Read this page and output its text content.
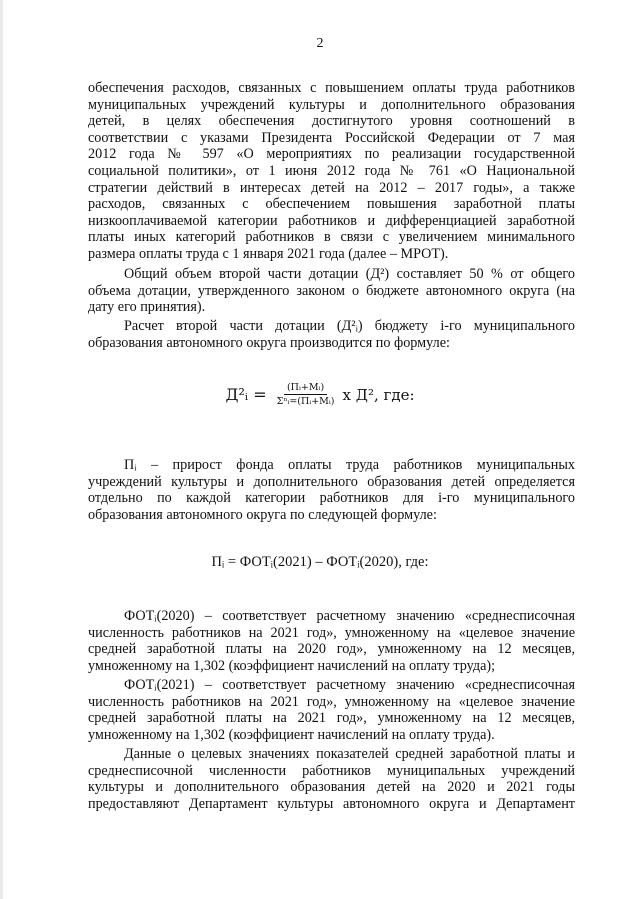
2
обеспечения расходов, связанных с повышением оплаты труда работников
муниципальных учреждений культуры и дополнительного образования
детей, в целях обеспечения достигнутого уровня соотношений в
соответствии с указами Президента Российской Федерации от 7 мая
2012 года № 597 «О мероприятиях по реализации государственной
социальной политики», от 1 июня 2012 года № 761 «О Национальной
стратегии действий в интересах детей на 2012 – 2017 годы», а также
расходов, связанных с обеспечением повышения заработной платы
низкооплачиваемой категории работников и дифференциацией заработной
платы иных категорий работников в связи с увеличением минимального
размера оплаты труда с 1 января 2021 года (далее – МРОТ).
Общий объем второй части дотации (Д²) составляет 50 % от общего
объема дотации, утвержденного законом о бюджете автономного округа (на
дату его принятия).
Расчет второй части дотации (Д²ᵢ) бюджету i-го муниципального
образования автономного округа производится по формуле:
Д²ᵢ = $\frac{\text{(Пᵢ+Мᵢ)}}{\text{Σⁿᵢ=(Пᵢ+Мᵢ)}}$ x Д², где:
Пᵢ – прирост фонда оплаты труда работников муниципальных
учреждений культуры и дополнительного образования детей определяется
отдельно по каждой категории работников для i-го муниципального
образования автономного округа по следующей формуле:
Пᵢ = ФОТᵢ(2021) – ФОТᵢ(2020), где:
ФОТᵢ(2020) – соответствует расчетному значению «среднесписочная
численность работников на 2021 год», умноженному на «целевое значение
средней заработной платы на 2020 год», умноженному на 12 месяцев,
умноженному на 1,302 (коэффициент начислений на оплату труда);
ФОТᵢ(2021) – соответствует расчетному значению «среднесписочная
численность работников на 2021 год», умноженному на «целевое значение
средней заработной платы на 2021 год», умноженному на 12 месяцев,
умноженному на 1,302 (коэффициент начислений на оплату труда).
Данные о целевых значениях показателей средней заработной платы и
среднесписочной численности работников муниципальных учреждений
культуры и дополнительного образования детей на 2020 и 2021 годы
предоставляют Департамент культуры автономного округа и Департамент
